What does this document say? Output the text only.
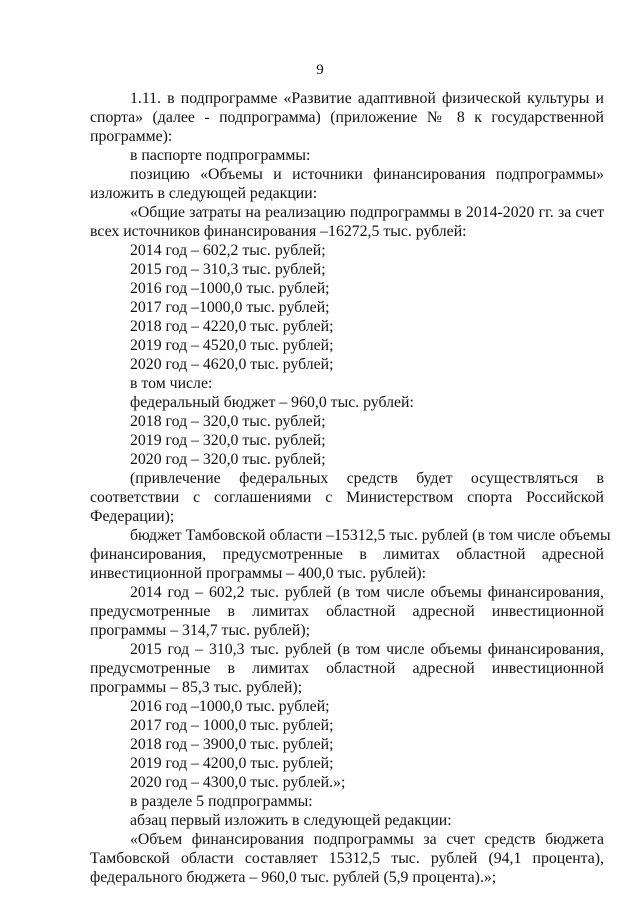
9
1.11. в подпрограмме «Развитие адаптивной физической культуры и
спорта» (далее - подпрограмма) (приложение № 8 к государственной
программе):
в паспорте подпрограммы:
позицию «Объемы и источники финансирования подпрограммы»
изложить в следующей редакции:
«Общие затраты на реализацию подпрограммы в 2014-2020 гг. за счет
всех источников финансирования –16272,5 тыс. рублей:
2014 год – 602,2 тыс. рублей;
2015 год – 310,3 тыс. рублей;
2016 год –1000,0 тыс. рублей;
2017 год –1000,0 тыс. рублей;
2018 год – 4220,0 тыс. рублей;
2019 год – 4520,0 тыс. рублей;
2020 год – 4620,0 тыс. рублей;
в том числе:
федеральный бюджет – 960,0 тыс. рублей:
2018 год – 320,0 тыс. рублей;
2019 год – 320,0 тыс. рублей;
2020 год – 320,0 тыс. рублей;
(привлечение федеральных средств будет осуществляться в
соответствии с соглашениями с Министерством спорта Российской
Федерации);
бюджет Тамбовской области –15312,5 тыс. рублей (в том числе объемы
финансирования, предусмотренные в лимитах областной адресной
инвестиционной программы – 400,0 тыс. рублей):
2014 год – 602,2 тыс. рублей (в том числе объемы финансирования,
предусмотренные в лимитах областной адресной инвестиционной
программы – 314,7 тыс. рублей);
2015 год – 310,3 тыс. рублей (в том числе объемы финансирования,
предусмотренные в лимитах областной адресной инвестиционной
программы – 85,3 тыс. рублей);
2016 год –1000,0 тыс. рублей;
2017 год – 1000,0 тыс. рублей;
2018 год – 3900,0 тыс. рублей;
2019 год – 4200,0 тыс. рублей;
2020 год – 4300,0 тыс. рублей.»;
в разделе 5 подпрограммы:
абзац первый изложить в следующей редакции:
«Объем финансирования подпрограммы за счет средств бюджета
Тамбовской области составляет 15312,5 тыс. рублей (94,1 процента),
федерального бюджета – 960,0 тыс. рублей (5,9 процента).»;
